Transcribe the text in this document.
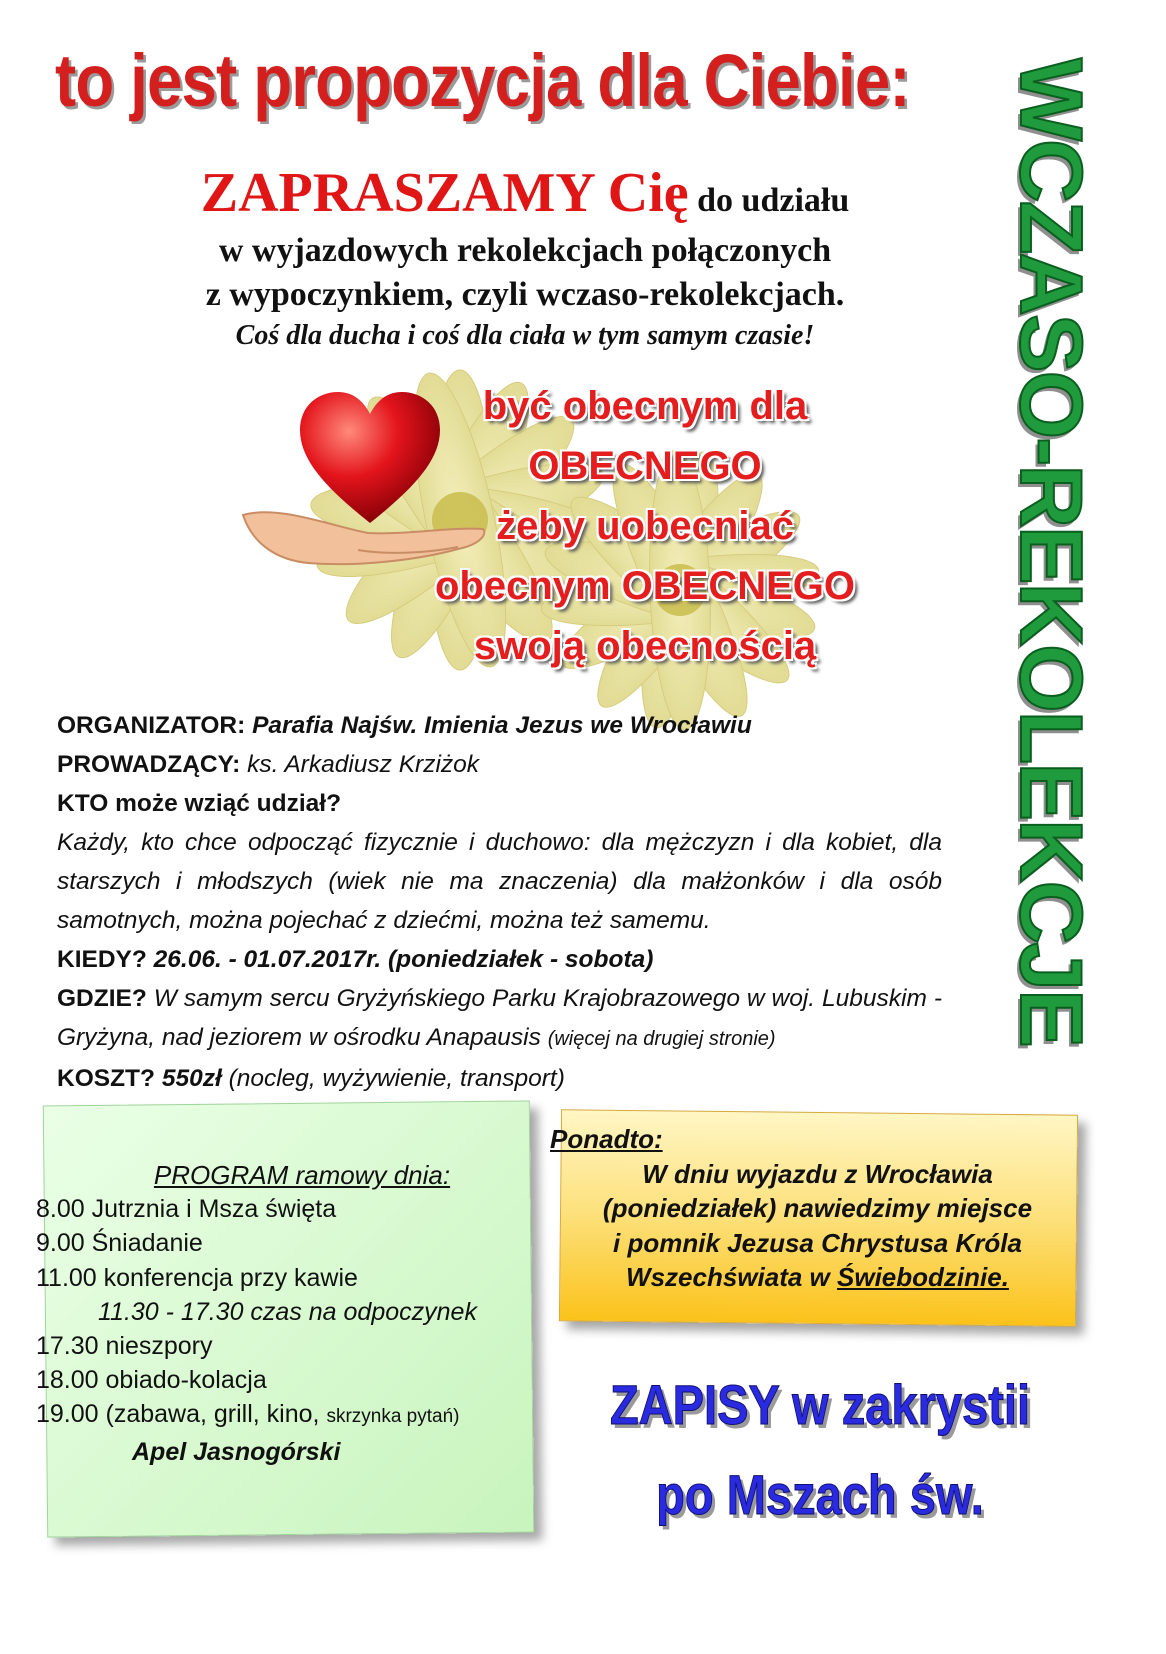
to jest propozycja dla Ciebie: WCZASO-REKOLEKCJE
ZAPRASZAMY Cię do udziału
w wyjazdowych rekolekcjach połączonych
z wypoczynkiem, czyli wczaso-rekolekcjach.
Coś dla ducha i coś dla ciała w tym samym czasie!
być obecnym dla
OBECNEGO
żeby uobecniać
obecnym OBECNEGO
swoją obecnością

ORGANIZATOR: Parafia Najśw. Imienia Jezus we Wrocławiu

PROWADZĄCY: ks. Arkadiusz Krziżok

KTO może wziąć udział?

Każdy, kto chce odpocząć fizycznie i duchowo: dla mężczyzn i dla kobiet, dla starszych i młodszych (wiek nie ma znaczenia) dla małżonków i dla osób samotnych, można pojechać z dziećmi, można też samemu.

KIEDY? 26.06. - 01.07.2017r. (poniedziałek - sobota)

GDZIE? W samym sercu Gryżyńskiego Parku Krajobrazowego w woj. Lubuskim - Gryżyna, nad jeziorem w ośrodku Anapausis (więcej na drugiej stronie)

KOSZT? 550zł (nocleg, wyżywienie, transport)

PROGRAM ramowy dnia:
8.00 Jutrznia i Msza święta
9.00 Śniadanie
11.00 konferencja przy kawie
11.30 - 17.30 czas na odpoczynek
17.30 nieszpory
18.00 obiado-kolacja
19.00 (zabawa, grill, kino, skrzynka pytań)
Apel Jasnogórski
Ponadto:
W dniu wyjazdu z Wrocławia
(poniedziałek) nawiedzimy miejsce
i pomnik Jezusa Chrystusa Króla
Wszechświata w Świebodzinie.
ZAPISY w zakrystii
po Mszach św.
